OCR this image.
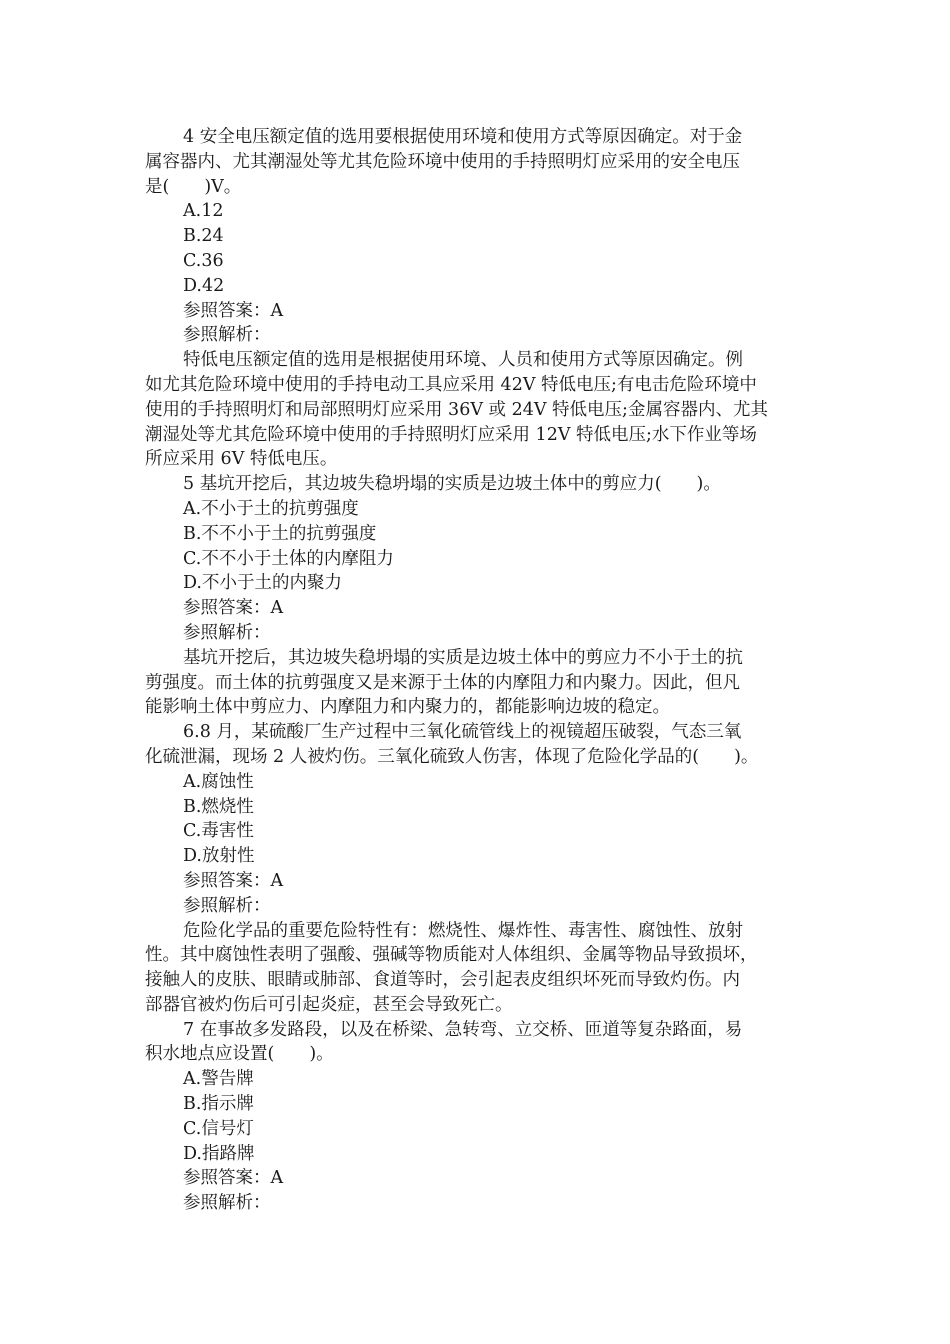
4 安全电压额定值的选用要根据使用环境和使用方式等原因确定。对于金
属容器内、尤其潮湿处等尤其危险环境中使用的手持照明灯应采用的安全电压
是(　　)V。
A.12
B.24
C.36
D.42
参照答案：A
参照解析：
特低电压额定值的选用是根据使用环境、人员和使用方式等原因确定。例
如尤其危险环境中使用的手持电动工具应采用 42V 特低电压;有电击危险环境中
使用的手持照明灯和局部照明灯应采用 36V 或 24V 特低电压;金属容器内、尤其
潮湿处等尤其危险环境中使用的手持照明灯应采用 12V 特低电压;水下作业等场
所应采用 6V 特低电压。
5 基坑开挖后，其边坡失稳坍塌的实质是边坡土体中的剪应力(　　)。
A.不小于土的抗剪强度
B.不不小于土的抗剪强度
C.不不小于土体的内摩阻力
D.不小于土的内聚力
参照答案：A
参照解析：
基坑开挖后，其边坡失稳坍塌的实质是边坡土体中的剪应力不小于土的抗
剪强度。而土体的抗剪强度又是来源于土体的内摩阻力和内聚力。因此，但凡
能影响土体中剪应力、内摩阻力和内聚力的，都能影响边坡的稳定。
6.8 月，某硫酸厂生产过程中三氧化硫管线上的视镜超压破裂，气态三氧
化硫泄漏，现场 2 人被灼伤。三氧化硫致人伤害，体现了危险化学品的(　　)。
A.腐蚀性
B.燃烧性
C.毒害性
D.放射性
参照答案：A
参照解析：
危险化学品的重要危险特性有：燃烧性、爆炸性、毒害性、腐蚀性、放射
性。其中腐蚀性表明了强酸、强碱等物质能对人体组织、金属等物品导致损坏，
接触人的皮肤、眼睛或肺部、食道等时，会引起表皮组织坏死而导致灼伤。内
部器官被灼伤后可引起炎症，甚至会导致死亡。
7 在事故多发路段，以及在桥梁、急转弯、立交桥、匝道等复杂路面，易
积水地点应设置(　　)。
A.警告牌
B.指示牌
C.信号灯
D.指路牌
参照答案：A
参照解析：
